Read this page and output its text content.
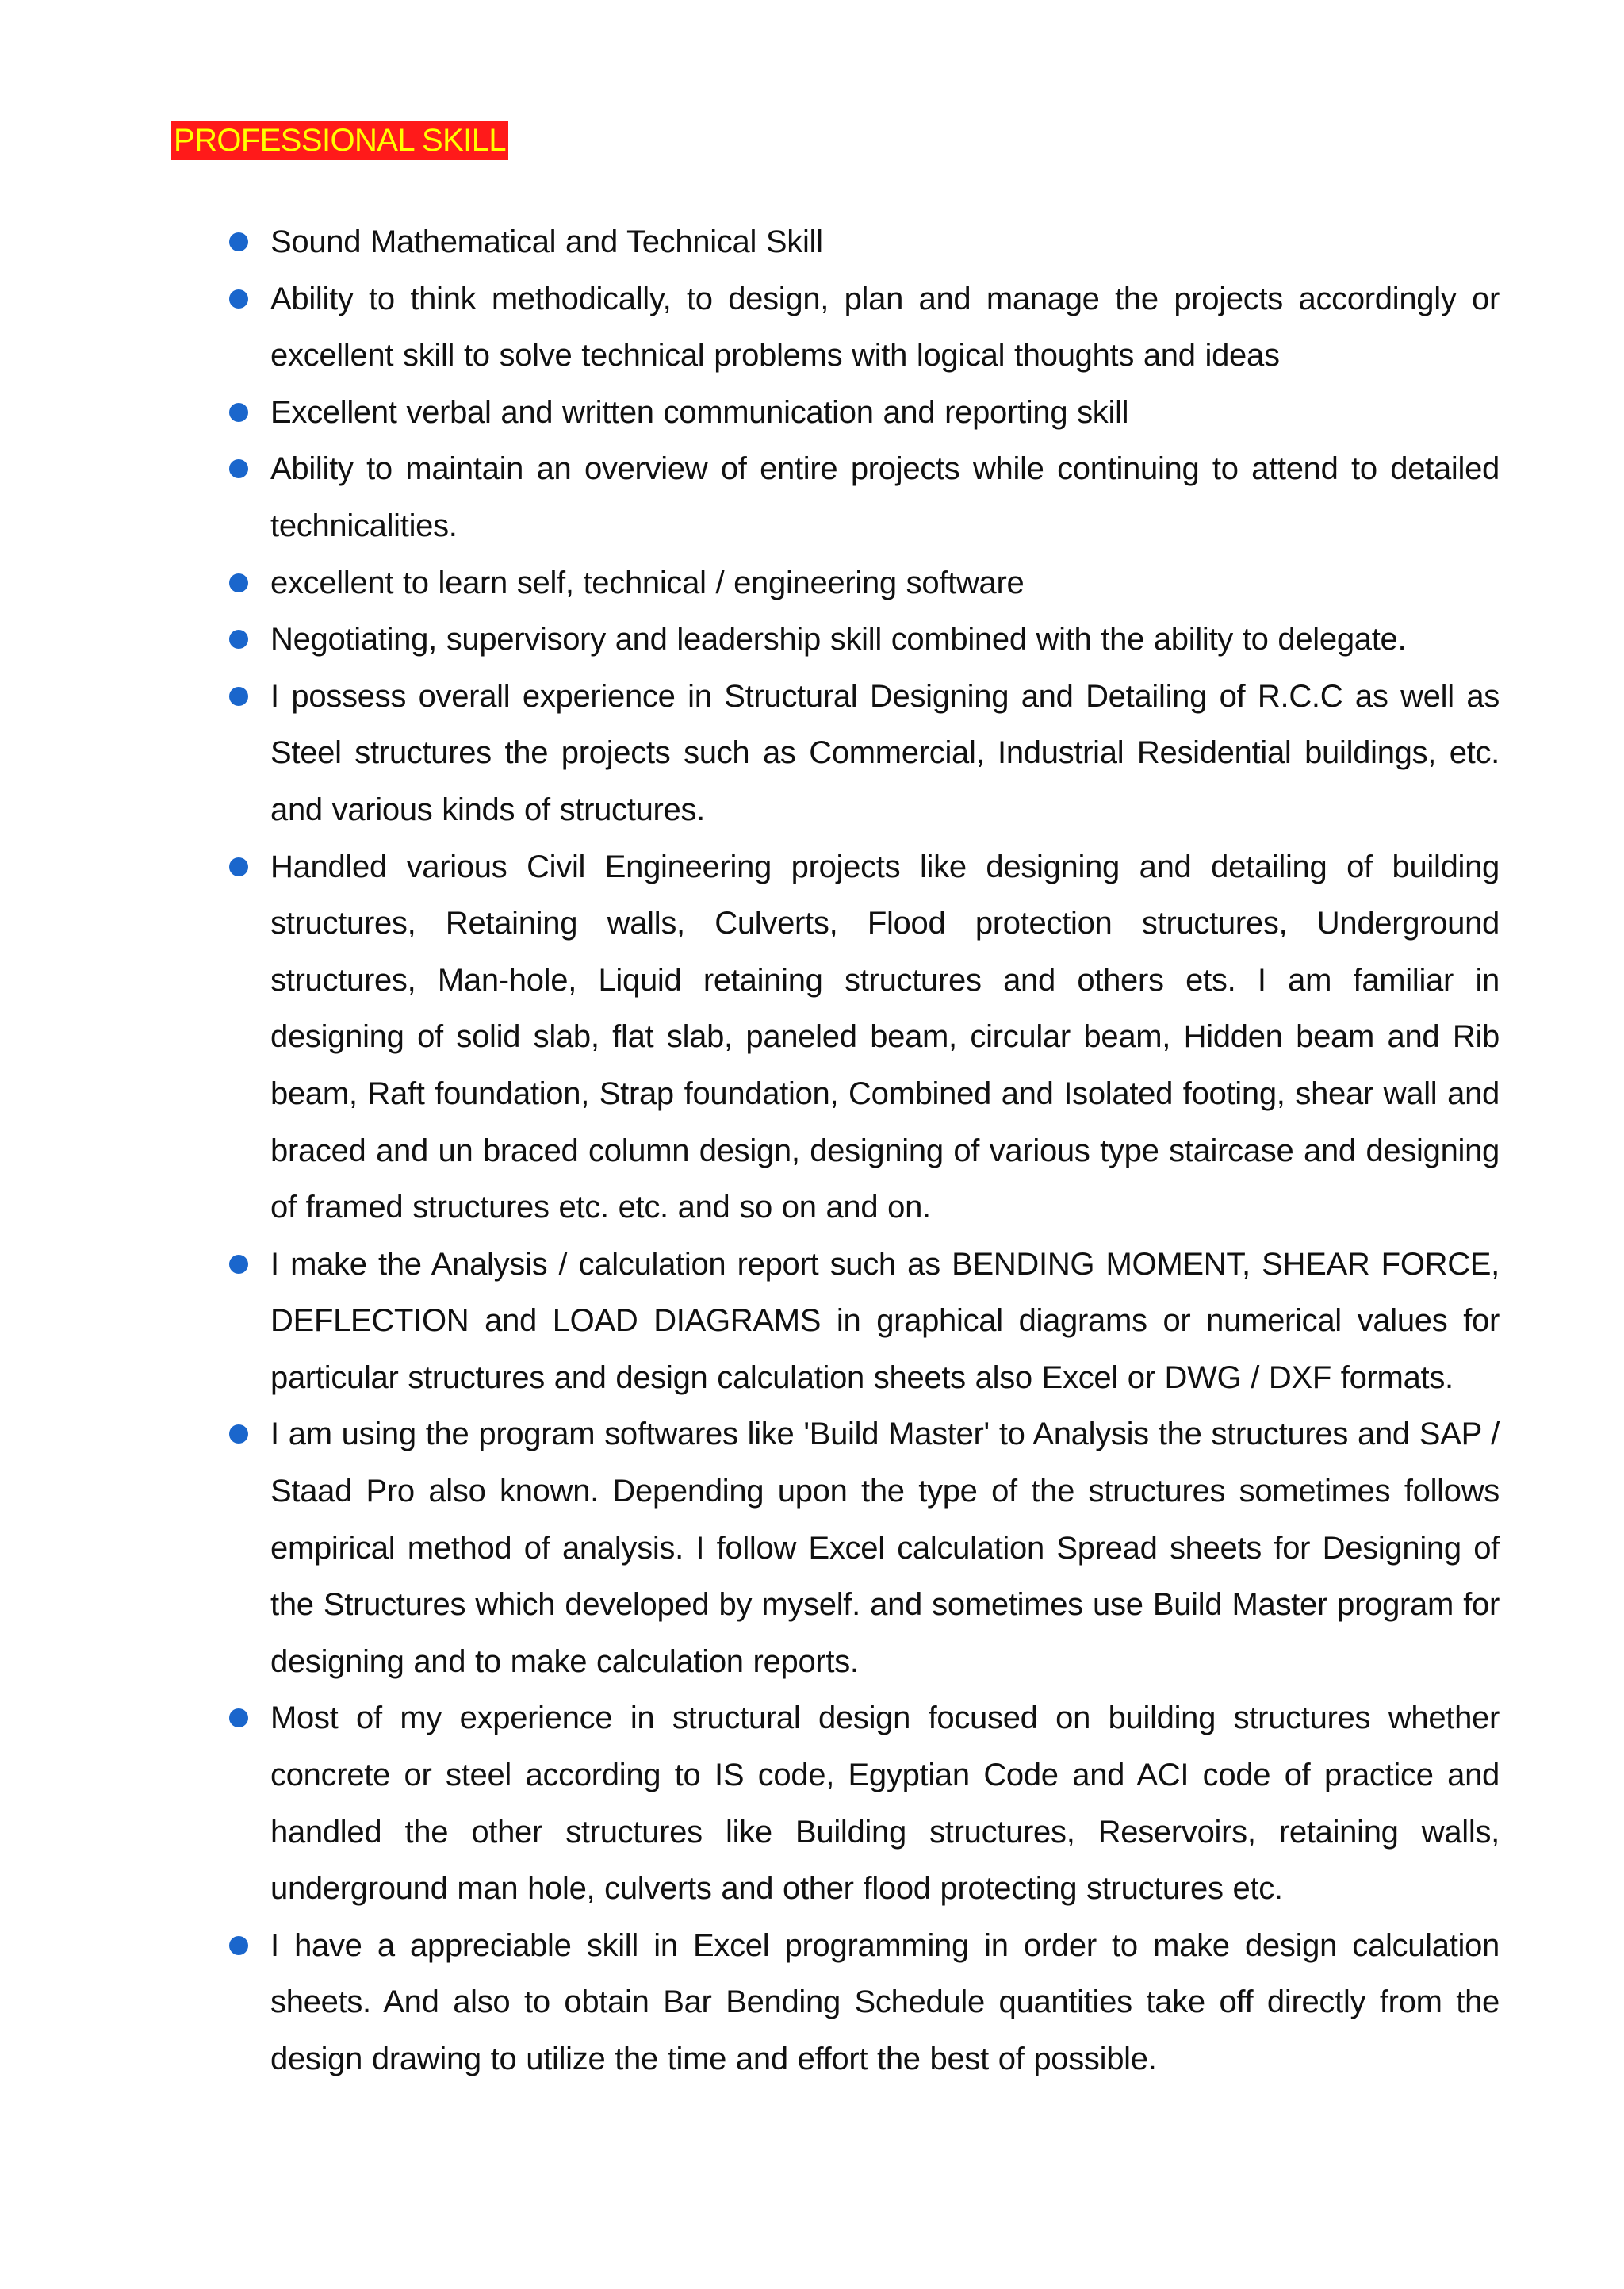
PROFESSIONAL SKILL
Sound Mathematical and Technical Skill
Ability to think methodically, to design, plan and manage the projects accordingly or excellent skill to solve technical problems with logical thoughts and ideas
Excellent verbal and written communication and reporting skill
Ability to maintain an overview of entire projects while continuing to attend to detailed technicalities.
excellent to learn self, technical / engineering software
Negotiating, supervisory and leadership skill combined with the ability to delegate.
I possess overall experience in Structural Designing and Detailing of R.C.C as well as Steel structures the projects such as Commercial, Industrial Residential buildings, etc. and various kinds of structures.
Handled various Civil Engineering projects like designing and detailing of building structures, Retaining walls, Culverts, Flood protection structures, Underground structures, Man-hole, Liquid retaining structures and others ets. I am familiar in designing of solid slab, flat slab, paneled beam, circular beam, Hidden beam and Rib beam, Raft foundation, Strap foundation, Combined and Isolated footing, shear wall and braced and un braced column design, designing of various type staircase and designing of framed structures etc. etc. and so on and on.
I make the Analysis / calculation report such as BENDING MOMENT, SHEAR FORCE, DEFLECTION and LOAD DIAGRAMS in graphical diagrams or numerical values for particular structures and design calculation sheets also Excel or DWG / DXF formats.
I am using the program softwares like 'Build Master' to Analysis the structures and SAP / Staad Pro also known. Depending upon the type of the structures sometimes follows empirical method of analysis. I follow Excel calculation Spread sheets for Designing of the Structures which developed by myself. and sometimes use Build Master program for designing and to make calculation reports.
Most of my experience in structural design focused on building structures whether concrete or steel according to IS code, Egyptian Code and ACI code of practice and handled the other structures like Building structures, Reservoirs, retaining walls, underground man hole, culverts and other flood protecting structures etc.
I have a appreciable skill in Excel programming in order to make design calculation sheets. And also to obtain Bar Bending Schedule quantities take off directly from the design drawing to utilize the time and effort the best of possible.
